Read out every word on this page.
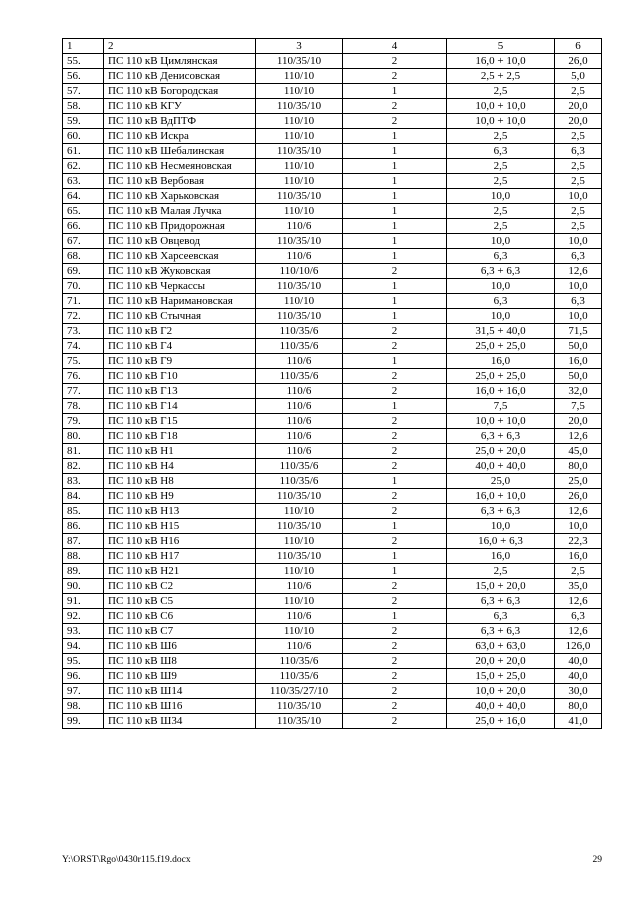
1	2	3	4	5	6
55.	ПС 110 кВ Цимлянская	110/35/10	2	16,0 + 10,0	26,0
56.	ПС 110 кВ Денисовская	110/10	2	2,5 + 2,5	5,0
57.	ПС 110 кВ Богородская	110/10	1	2,5	2,5
58.	ПС 110 кВ КГУ	110/35/10	2	10,0 + 10,0	20,0
59.	ПС 110 кВ ВдПТФ	110/10	2	10,0 + 10,0	20,0
60.	ПС 110 кВ Искра	110/10	1	2,5	2,5
61.	ПС 110 кВ Шебалинская	110/35/10	1	6,3	6,3
62.	ПС 110 кВ Несмеяновская	110/10	1	2,5	2,5
63.	ПС 110 кВ Вербовая	110/10	1	2,5	2,5
64.	ПС 110 кВ Харьковская	110/35/10	1	10,0	10,0
65.	ПС 110 кВ Малая Лучка	110/10	1	2,5	2,5
66.	ПС 110 кВ Придорожная	110/6	1	2,5	2,5
67.	ПС 110 кВ Овцевод	110/35/10	1	10,0	10,0
68.	ПС 110 кВ Харсеевская	110/6	1	6,3	6,3
69.	ПС 110 кВ Жуковская	110/10/6	2	6,3 + 6,3	12,6
70.	ПС 110 кВ Черкассы	110/35/10	1	10,0	10,0
71.	ПС 110 кВ Наримановская	110/10	1	6,3	6,3
72.	ПС 110 кВ Стычная	110/35/10	1	10,0	10,0
73.	ПС 110 кВ Г2	110/35/6	2	31,5 + 40,0	71,5
74.	ПС 110 кВ Г4	110/35/6	2	25,0 + 25,0	50,0
75.	ПС 110 кВ Г9	110/6	1	16,0	16,0
76.	ПС 110 кВ Г10	110/35/6	2	25,0 + 25,0	50,0
77.	ПС 110 кВ Г13	110/6	2	16,0 + 16,0	32,0
78.	ПС 110 кВ Г14	110/6	1	7,5	7,5
79.	ПС 110 кВ Г15	110/6	2	10,0 + 10,0	20,0
80.	ПС 110 кВ Г18	110/6	2	6,3 + 6,3	12,6
81.	ПС 110 кВ Н1	110/6	2	25,0 + 20,0	45,0
82.	ПС 110 кВ Н4	110/35/6	2	40,0 + 40,0	80,0
83.	ПС 110 кВ Н8	110/35/6	1	25,0	25,0
84.	ПС 110 кВ Н9	110/35/10	2	16,0 + 10,0	26,0
85.	ПС 110 кВ Н13	110/10	2	6,3 + 6,3	12,6
86.	ПС 110 кВ Н15	110/35/10	1	10,0	10,0
87.	ПС 110 кВ Н16	110/10	2	16,0 + 6,3	22,3
88.	ПС 110 кВ Н17	110/35/10	1	16,0	16,0
89.	ПС 110 кВ Н21	110/10	1	2,5	2,5
90.	ПС 110 кВ С2	110/6	2	15,0 + 20,0	35,0
91.	ПС 110 кВ С5	110/10	2	6,3 + 6,3	12,6
92.	ПС 110 кВ С6	110/6	1	6,3	6,3
93.	ПС 110 кВ С7	110/10	2	6,3 + 6,3	12,6
94.	ПС 110 кВ Ш6	110/6	2	63,0 + 63,0	126,0
95.	ПС 110 кВ Ш8	110/35/6	2	20,0 + 20,0	40,0
96.	ПС 110 кВ Ш9	110/35/6	2	15,0 + 25,0	40,0
97.	ПС 110 кВ Ш14	110/35/27/10	2	10,0 + 20,0	30,0
98.	ПС 110 кВ Ш16	110/35/10	2	40,0 + 40,0	80,0
99.	ПС 110 кВ Ш34	110/35/10	2	25,0 + 16,0	41,0
Y:\ORST\Rgo\0430r115.f19.docx	29
